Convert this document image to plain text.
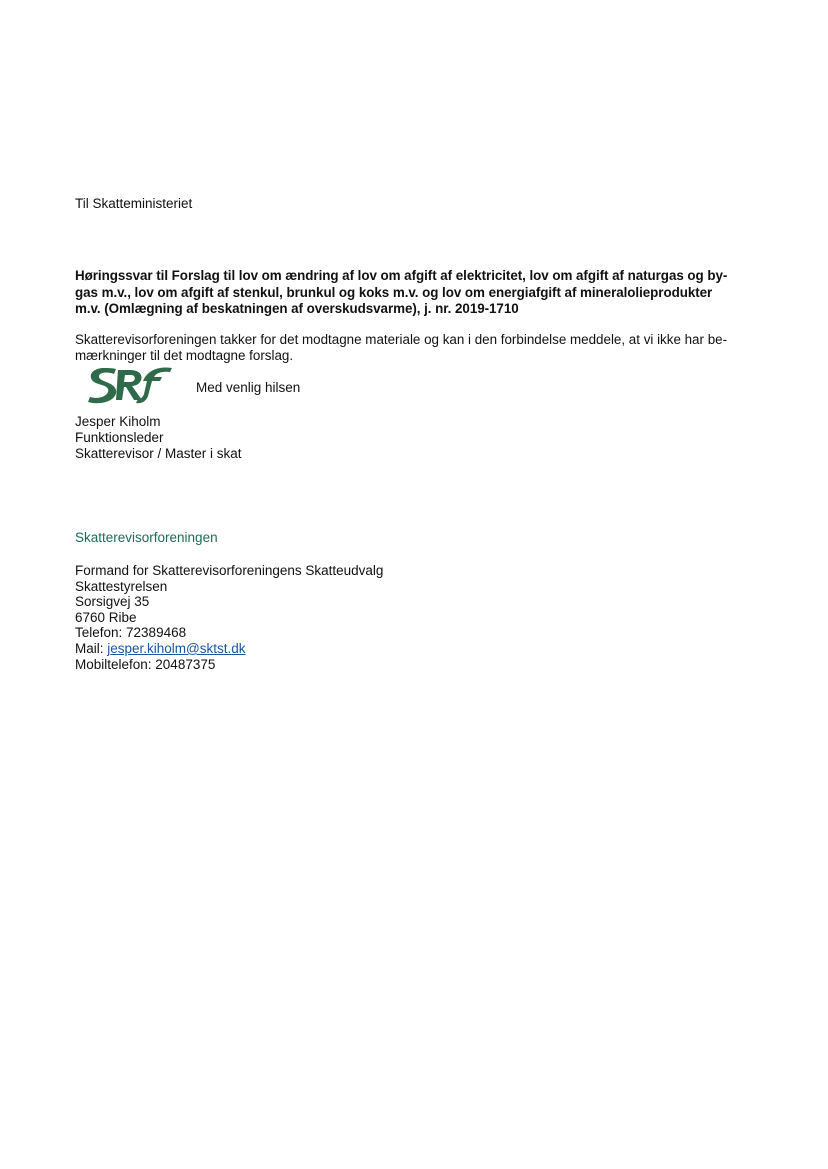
Til Skatteministeriet
Høringssvar til Forslag til lov om ændring af lov om afgift af elektricitet, lov om afgift af naturgas og by-
gas m.v., lov om afgift af stenkul, brunkul og koks m.v. og lov om energiafgift af mineralolieprodukter
m.v. (Omlægning af beskatningen af overskudsvarme), j. nr. 2019-1710
Skatterevisorforeningen takker for det modtagne materiale og kan i den forbindelse meddele, at vi ikke har be-
mærkninger til det modtagne forslag.
Med venlig hilsen
Jesper Kiholm
Funktionsleder
Skatterevisor / Master i skat
Skatterevisorforeningen
Formand for Skatterevisorforeningens Skatteudvalg
Skattestyrelsen
Sorsigvej 35
6760 Ribe
Telefon: 72389468
Mail: jesper.kiholm@sktst.dk
Mobiltelefon: 20487375
